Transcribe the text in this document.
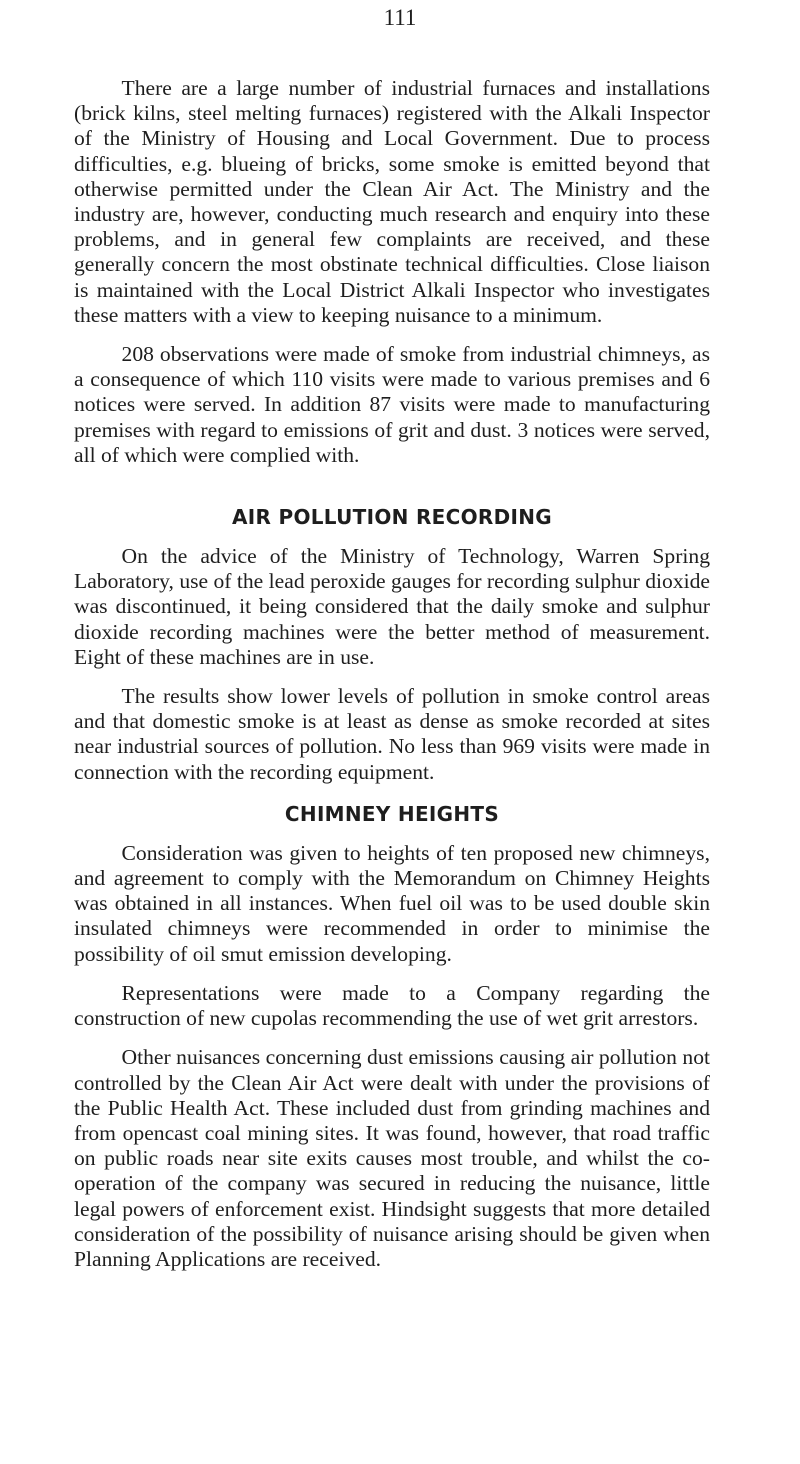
111

There are a large number of industrial furnaces and installations (brick kilns, steel melting furnaces) registered with the Alkali Inspector of the Ministry of Housing and Local Government. Due to process difficulties, e.g. blueing of bricks, some smoke is emitted beyond that otherwise permitted under the Clean Air Act. The Ministry and the industry are, however, conducting much research and enquiry into these problems, and in general few complaints are received, and these generally concern the most obstinate technical difficulties. Close liaison is maintained with the Local District Alkali Inspector who investigates these matters with a view to keeping nuisance to a minimum.

208 observations were made of smoke from industrial chimneys, as a consequence of which 110 visits were made to various premises and 6 notices were served. In addition 87 visits were made to manufacturing premises with regard to emissions of grit and dust. 3 notices were served, all of which were complied with.

AIR POLLUTION RECORDING

On the advice of the Ministry of Technology, Warren Spring Laboratory, use of the lead peroxide gauges for recording sulphur dioxide was discontinued, it being considered that the daily smoke and sulphur dioxide recording machines were the better method of measurement. Eight of these machines are in use.

The results show lower levels of pollution in smoke control areas and that domestic smoke is at least as dense as smoke recorded at sites near industrial sources of pollution. No less than 969 visits were made in connection with the recording equipment.

CHIMNEY HEIGHTS

Consideration was given to heights of ten proposed new chimneys, and agreement to comply with the Memorandum on Chimney Heights was obtained in all instances. When fuel oil was to be used double skin insulated chimneys were recommended in order to minimise the possibility of oil smut emission developing.

Representations were made to a Company regarding the construction of new cupolas recommending the use of wet grit arrestors.

Other nuisances concerning dust emissions causing air pollution not controlled by the Clean Air Act were dealt with under the provisions of the Public Health Act. These included dust from grinding machines and from opencast coal mining sites. It was found, however, that road traffic on public roads near site exits causes most trouble, and whilst the co-operation of the company was secured in reducing the nuisance, little legal powers of enforcement exist. Hindsight suggests that more detailed consideration of the possibility of nuisance arising should be given when Planning Applications are received.
